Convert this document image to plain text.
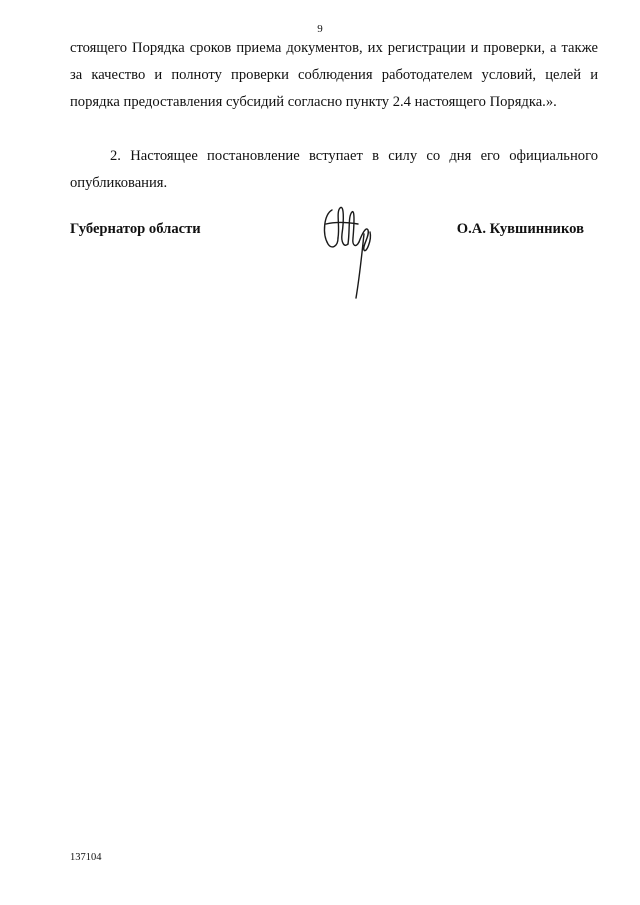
9

стоящего Порядка сроков приема документов, их регистрации и проверки, а также за качество и полноту проверки соблюдения работодателем условий, целей и порядка предоставления субсидий согласно пункту 2.4 настоящего Порядка.».

2. Настоящее постановление вступает в силу со дня его официального опубликования.

Губернатор области	О.А. Кувшинников
137104
